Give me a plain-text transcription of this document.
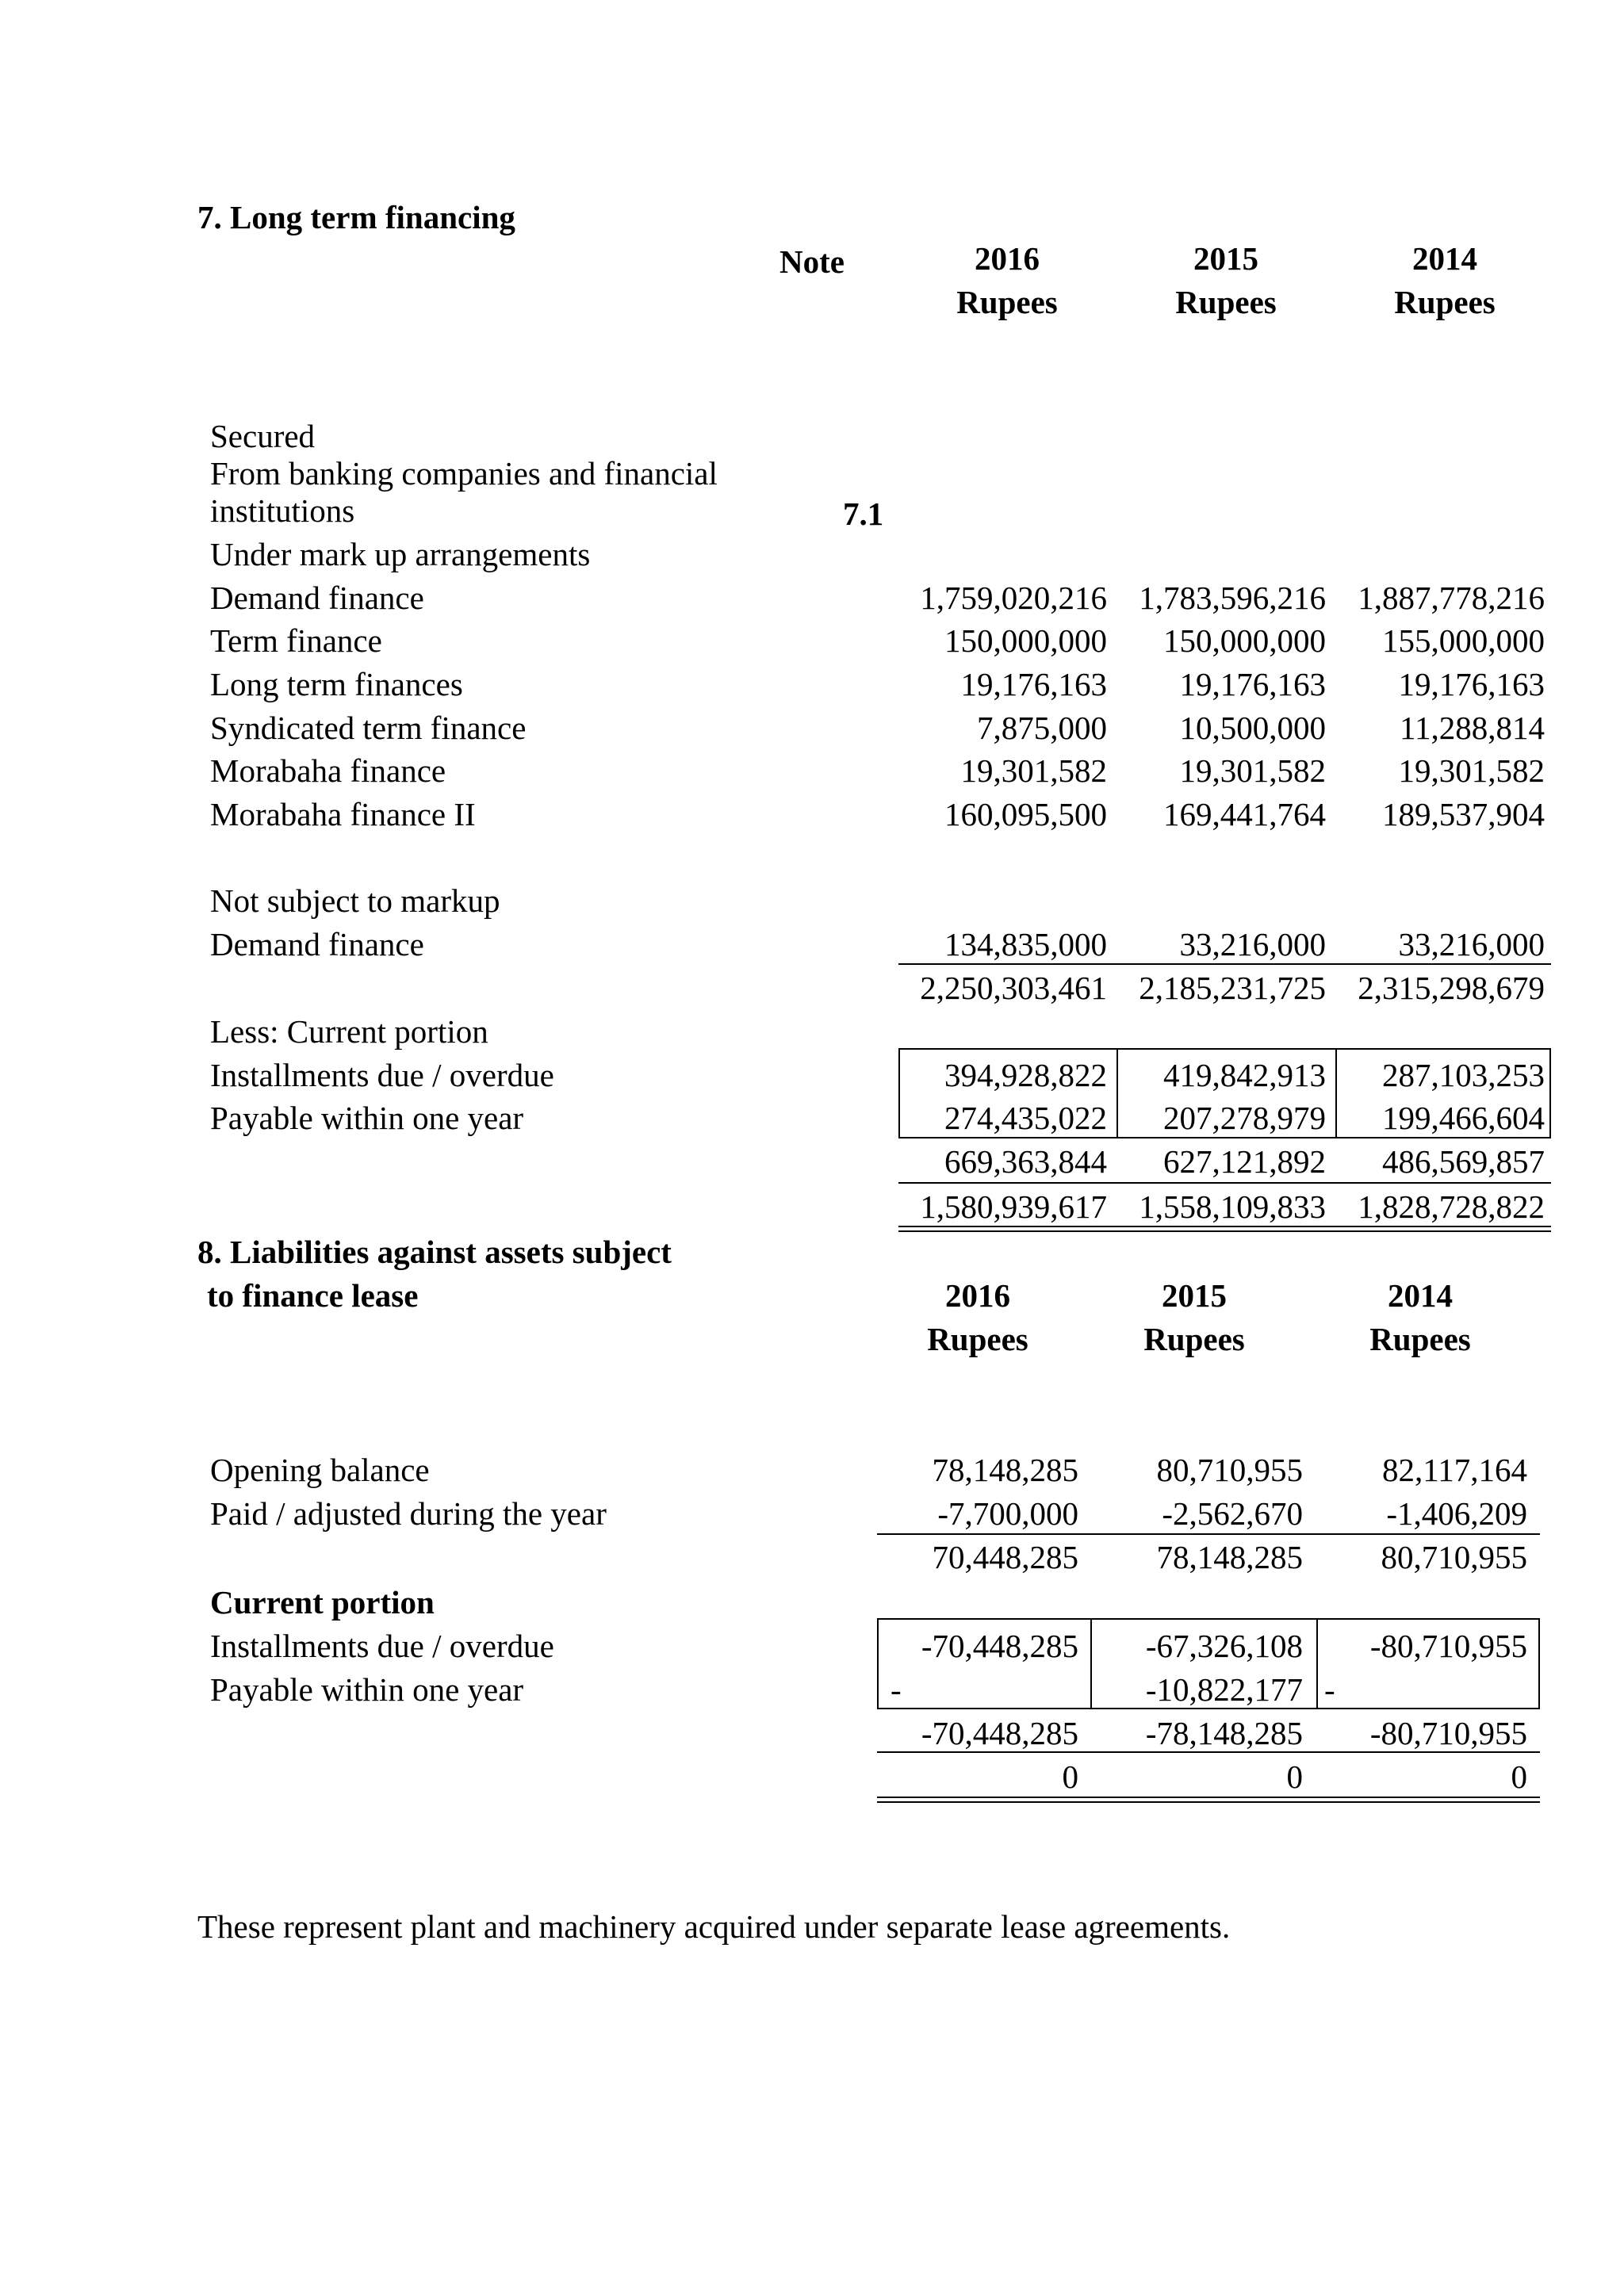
7. Long term financing
Note	2016	2015	2014
Rupees	Rupees	Rupees
Secured
From banking companies and financial
institutions	7.1
Under mark up arrangements
Demand finance	1,759,020,216 1,783,596,216 1,887,778,216
Term finance	150,000,000	150,000,000	155,000,000
Long term finances	19,176,163	19,176,163	19,176,163
Syndicated term finance	7,875,000	10,500,000	11,288,814
Morabaha finance	19,301,582	19,301,582	19,301,582
Morabaha finance II	160,095,500	169,441,764	189,537,904
Not subject to markup
Demand finance	134,835,000	33,216,000	33,216,000
2,250,303,461 2,185,231,725 2,315,298,679
Less: Current portion
Installments due / overdue	394,928,822	419,842,913	287,103,253
Payable within one year	274,435,022	207,278,979	199,466,604
669,363,844	627,121,892	486,569,857
1,580,939,617 1,558,109,833 1,828,728,822
8. Liabilities against assets subject
to finance lease	2016	2015	2014
Rupees	Rupees	Rupees
Opening balance	78,148,285	80,710,955	82,117,164
Paid / adjusted during the year	-7,700,000	-2,562,670	-1,406,209
70,448,285	78,148,285	80,710,955
Current portion
Installments due / overdue	-70,448,285	-67,326,108	-80,710,955
Payable within one year	-	-10,822,177 -
-70,448,285	-78,148,285	-80,710,955
0	0	0
These represent plant and machinery acquired under separate lease agreements.
